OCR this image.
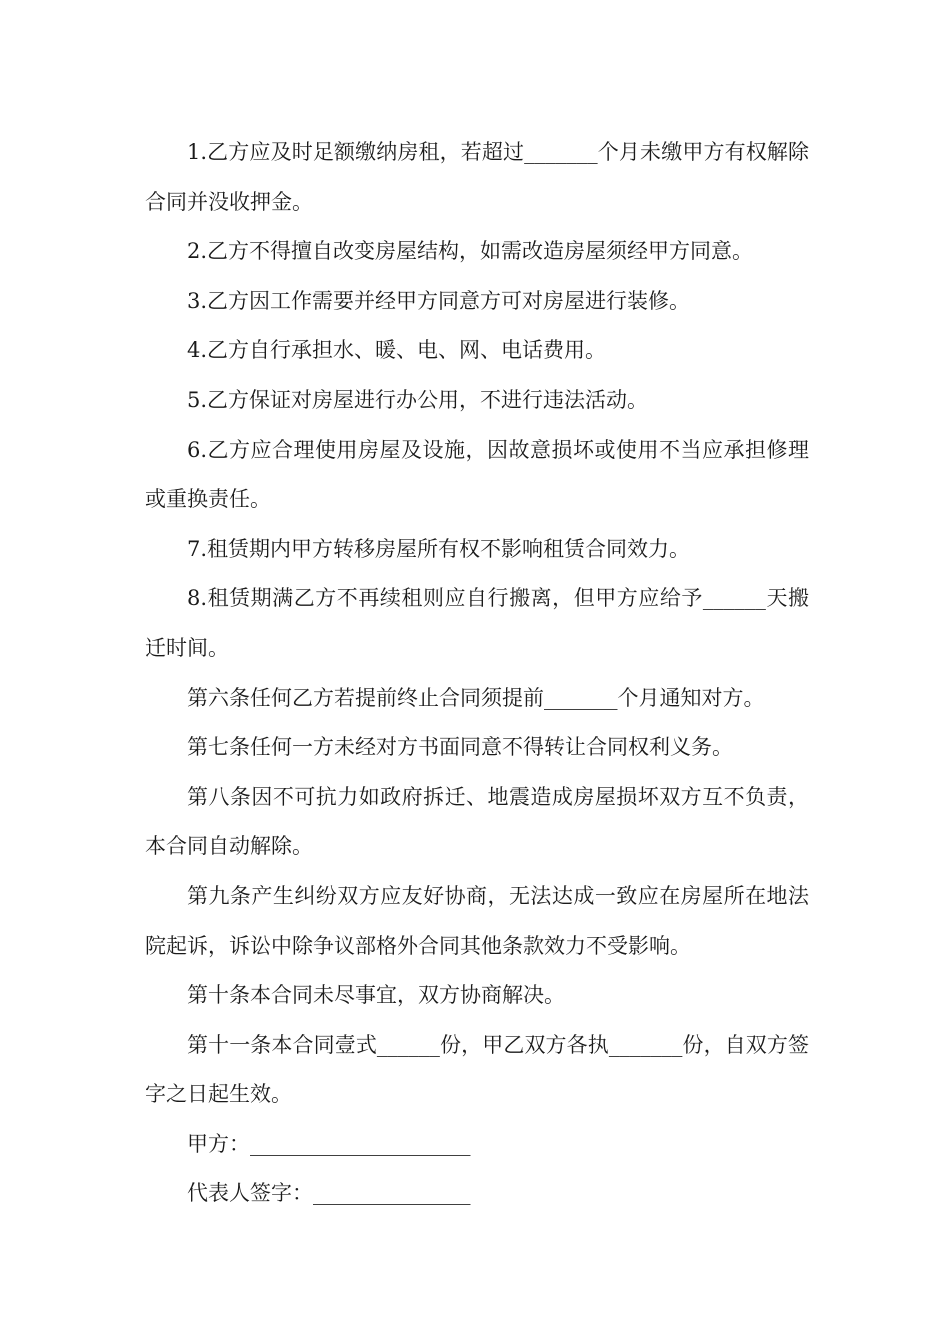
1.乙方应及时足额缴纳房租，若超过_______个月未缴甲方有权解除合同并没收押金。

2.乙方不得擅自改变房屋结构，如需改造房屋须经甲方同意。

3.乙方因工作需要并经甲方同意方可对房屋进行装修。

4.乙方自行承担水、暖、电、网、电话费用。

5.乙方保证对房屋进行办公用，不进行违法活动。

6.乙方应合理使用房屋及设施，因故意损坏或使用不当应承担修理或重换责任。

7.租赁期内甲方转移房屋所有权不影响租赁合同效力。

8.租赁期满乙方不再续租则应自行搬离，但甲方应给予______天搬迁时间。

第六条任何乙方若提前终止合同须提前_______个月通知对方。

第七条任何一方未经对方书面同意不得转让合同权利义务。

第八条因不可抗力如政府拆迁、地震造成房屋损坏双方互不负责，本合同自动解除。

第九条产生纠纷双方应友好协商，无法达成一致应在房屋所在地法院起诉，诉讼中除争议部格外合同其他条款效力不受影响。

第十条本合同未尽事宜，双方协商解决。

第十一条本合同壹式______份，甲乙双方各执_______份，自双方签字之日起生效。

甲方：_____________________

代表人签字：_______________
